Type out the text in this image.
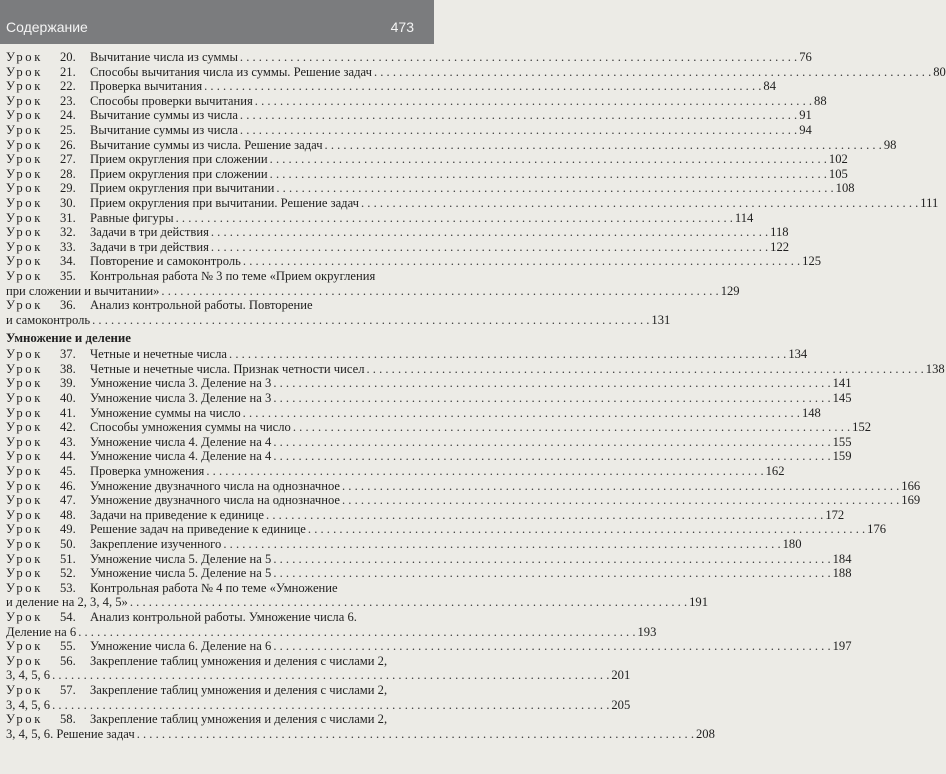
Содержание	473
Урок	20.	Вычитание числа из суммы . . .	76
Урок	21.	Способы вычитания числа из суммы. Решение задач . . .	80
Урок	22.	Проверка вычитания . . .	84
Урок	23.	Способы проверки вычитания . . .	88
Урок	24.	Вычитание суммы из числа . . .	91
Урок	25.	Вычитание суммы из числа . . .	94
Урок	26.	Вычитание суммы из числа. Решение задач . . .	98
Урок	27.	Прием округления при сложении . . .	102
Урок	28.	Прием округления при сложении . . .	105
Урок	29.	Прием округления при вычитании . . .	108
Урок	30.	Прием округления при вычитании. Решение задач . . .	111
Урок	31.	Равные фигуры . . .	114
Урок	32.	Задачи в три действия . . .	118
Урок	33.	Задачи в три действия . . .	122
Урок	34.	Повторение и самоконтроль . . .	125
Урок	35.	Контрольная работа № 3 по теме «Прием округления
при сложении и вычитании» . . .	129
Урок	36.	Анализ контрольной работы. Повторение
и самоконтроль . . .	131
Умножение и деление
Урок	37.	Четные и нечетные числа . . .	134
Урок	38.	Четные и нечетные числа. Признак четности чисел . . .	138
Урок	39.	Умножение числа 3. Деление на 3 . . .	141
Урок	40.	Умножение числа 3. Деление на 3 . . .	145
Урок	41.	Умножение суммы на число . . .	148
Урок	42.	Способы умножения суммы на число . . .	152
Урок	43.	Умножение числа 4. Деление на 4 . . .	155
Урок	44.	Умножение числа 4. Деление на 4 . . .	159
Урок	45.	Проверка умножения . . .	162
Урок	46.	Умножение двузначного числа на однозначное . . .	166
Урок	47.	Умножение двузначного числа на однозначное . . .	169
Урок	48.	Задачи на приведение к единице . . .	172
Урок	49.	Решение задач на приведение к единице . . .	176
Урок	50.	Закрепление изученного . . .	180
Урок	51.	Умножение числа 5. Деление на 5 . . .	184
Урок	52.	Умножение числа 5. Деление на 5 . . .	188
Урок	53.	Контрольная работа № 4 по теме «Умножение
и деление на 2, 3, 4, 5» . . .	191
Урок	54.	Анализ контрольной работы. Умножение числа 6.
Деление на 6 . . .	193
Урок	55.	Умножение числа 6. Деление на 6 . . .	197
Урок	56.	Закрепление таблиц умножения и деления с числами 2,
3, 4, 5, 6 . . .	201
Урок	57.	Закрепление таблиц умножения и деления с числами 2,
3, 4, 5, 6 . . .	205
Урок	58.	Закрепление таблиц умножения и деления с числами 2,
3, 4, 5, 6. Решение задач . . .	208
